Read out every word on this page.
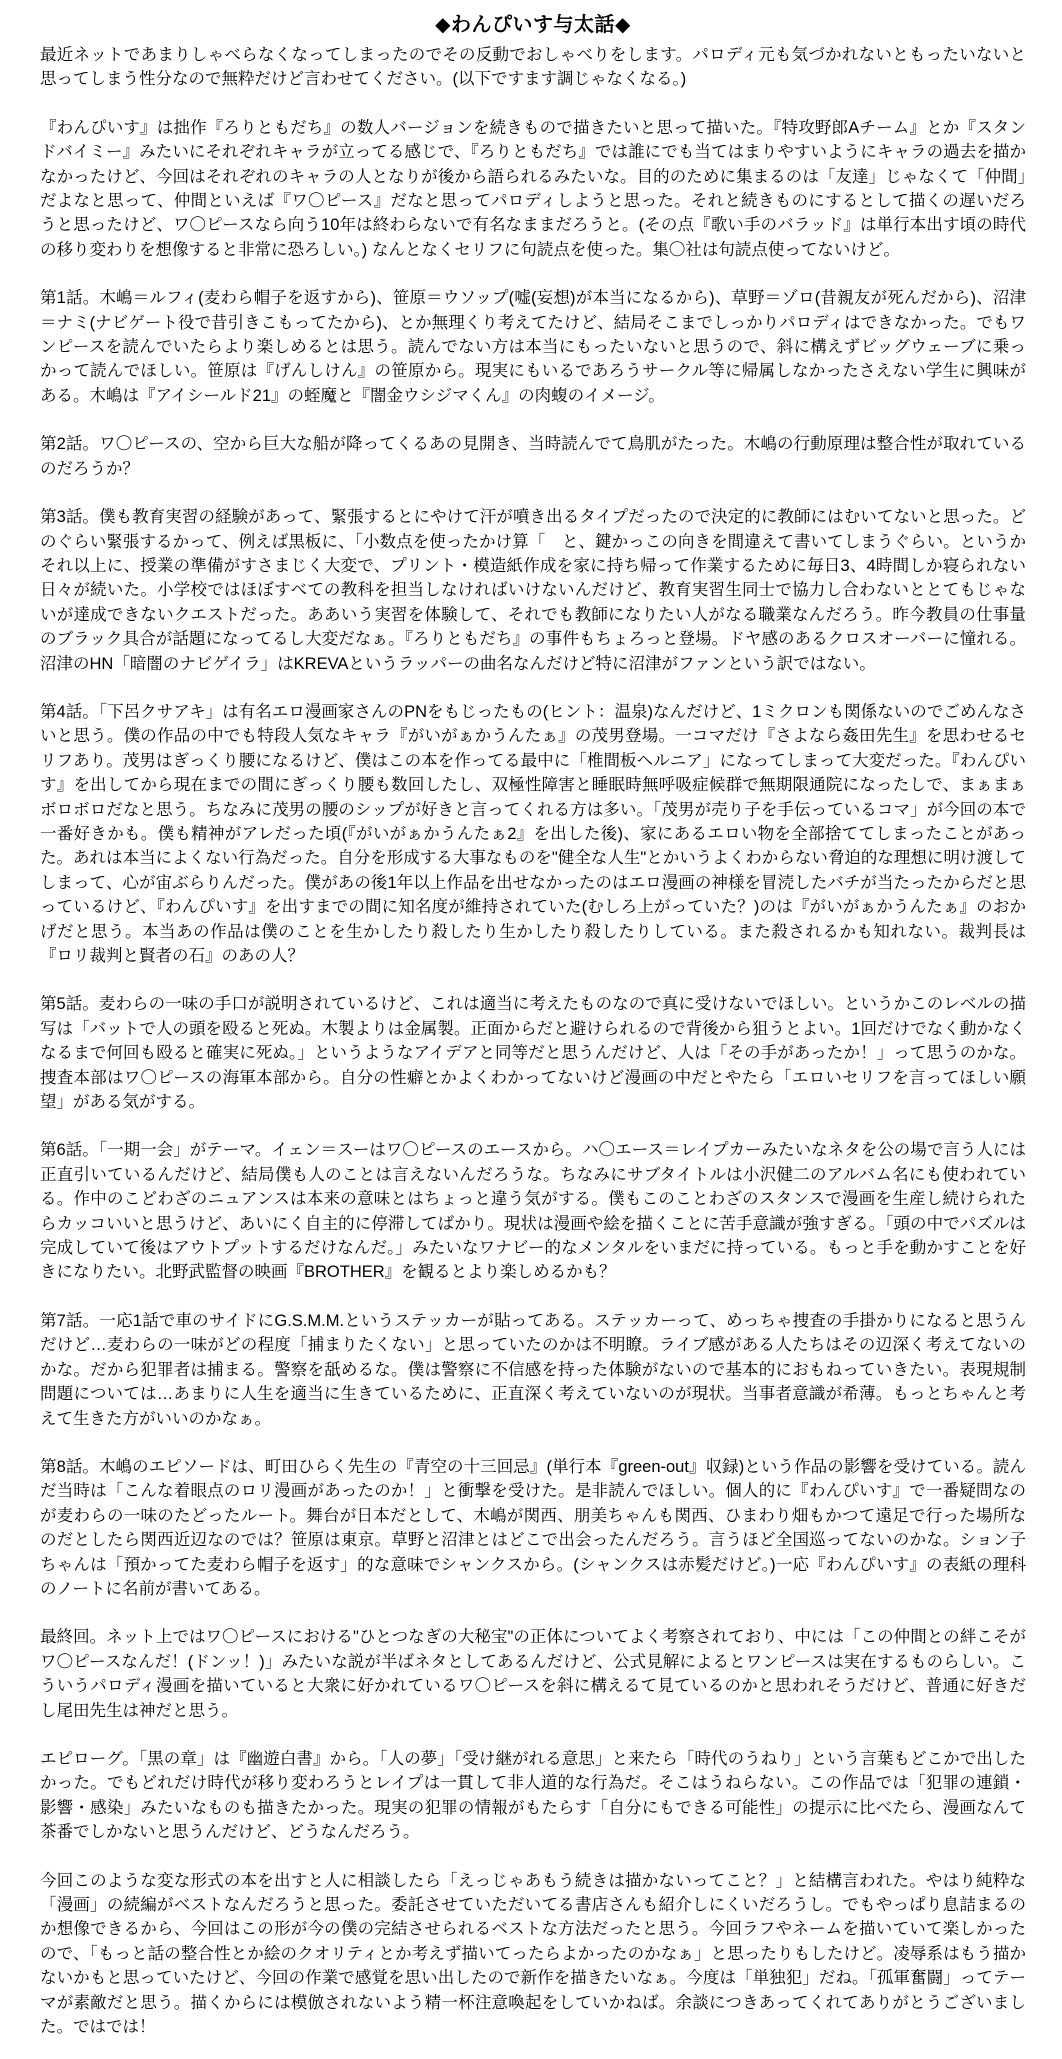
◆わんぴいす与太話◆

最近ネットであまりしゃべらなくなってしまったのでその反動でおしゃべりをします。パロディ元も気づかれないともったいないと思ってしまう性分なので無粋だけど言わせてください。(以下ですます調じゃなくなる。)

『わんぴいす』は拙作『ろりともだち』の数人バージョンを続きもので描きたいと思って描いた。『特攻野郎Aチーム』とか『スタンドバイミー』みたいにそれぞれキャラが立ってる感じで、『ろりともだち』では誰にでも当てはまりやすいようにキャラの過去を描かなかったけど、今回はそれぞれのキャラの人となりが後から語られるみたいな。目的のために集まるのは「友達」じゃなくて「仲間」だよなと思って、仲間といえば『ワ〇ピース』だなと思ってパロディしようと思った。それと続きものにするとして描くの遅いだろうと思ったけど、ワ〇ピースなら向う10年は終わらないで有名なままだろうと。(その点『歌い手のバラッド』は単行本出す頃の時代の移り変わりを想像すると非常に恐ろしい。) なんとなくセリフに句読点を使った。集〇社は句読点使ってないけど。

第1話。木嶋＝ルフィ(麦わら帽子を返すから)、笹原＝ウソップ(嘘(妄想)が本当になるから)、草野＝ゾロ(昔親友が死んだから)、沼津＝ナミ(ナビゲート役で昔引きこもってたから)、とか無理くり考えてたけど、結局そこまでしっかりパロディはできなかった。でもワンピースを読んでいたらより楽しめるとは思う。読んでない方は本当にもったいないと思うので、斜に構えずビッグウェーブに乗っかって読んでほしい。笹原は『げんしけん』の笹原から。現実にもいるであろうサークル等に帰属しなかったさえない学生に興味がある。木嶋は『アイシールド21』の蛭魔と『闇金ウシジマくん』の肉蝮のイメージ。

第2話。ワ〇ピースの、空から巨大な船が降ってくるあの見開き、当時読んでて鳥肌がたった。木嶋の行動原理は整合性が取れているのだろうか？

第3話。僕も教育実習の経験があって、緊張するとにやけて汗が噴き出るタイプだったので決定的に教師にはむいてないと思った。どのぐらい緊張するかって、例えば黒板に、「小数点を使ったかけ算「　と、鍵かっこの向きを間違えて書いてしまうぐらい。というかそれ以上に、授業の準備がすさまじく大変で、プリント・模造紙作成を家に持ち帰って作業するために毎日3、4時間しか寝られない日々が続いた。小学校ではほぼすべての教科を担当しなければいけないんだけど、教育実習生同士で協力し合わないととてもじゃないが達成できないクエストだった。ああいう実習を体験して、それでも教師になりたい人がなる職業なんだろう。昨今教員の仕事量のブラック具合が話題になってるし大変だなぁ。『ろりともだち』の事件もちょろっと登場。ドヤ感のあるクロスオーバーに憧れる。沼津のHN「暗闇のナビゲイラ」はKREVAというラッパーの曲名なんだけど特に沼津がファンという訳ではない。

第4話。「下呂クサアキ」は有名エロ漫画家さんのPNをもじったもの(ヒント：温泉)なんだけど、1ミクロンも関係ないのでごめんなさいと思う。僕の作品の中でも特段人気なキャラ『がいがぁかうんたぁ』の茂男登場。一コマだけ『さよなら姦田先生』を思わせるセリフあり。茂男はぎっくり腰になるけど、僕はこの本を作ってる最中に「椎間板ヘルニア」になってしまって大変だった。『わんぴいす』を出してから現在までの間にぎっくり腰も数回したし、双極性障害と睡眠時無呼吸症候群で無期限通院になったしで、まぁまぁボロボロだなと思う。ちなみに茂男の腰のシップが好きと言ってくれる方は多い。「茂男が売り子を手伝っているコマ」が今回の本で一番好きかも。僕も精神がアレだった頃(『がいがぁかうんたぁ2』を出した後)、家にあるエロい物を全部捨ててしまったことがあった。あれは本当によくない行為だった。自分を形成する大事なものを"健全な人生"とかいうよくわからない脅迫的な理想に明け渡してしまって、心が宙ぶらりんだった。僕があの後1年以上作品を出せなかったのはエロ漫画の神様を冒涜したバチが当たったからだと思っているけど、『わんぴいす』を出すまでの間に知名度が維持されていた(むしろ上がっていた？)のは『がいがぁかうんたぁ』のおかげだと思う。本当あの作品は僕のことを生かしたり殺したり生かしたり殺したりしている。また殺されるかも知れない。裁判長は『ロリ裁判と賢者の石』のあの人？

第5話。麦わらの一味の手口が説明されているけど、これは適当に考えたものなので真に受けないでほしい。というかこのレベルの描写は「バットで人の頭を殴ると死ぬ。木製よりは金属製。正面からだと避けられるので背後から狙うとよい。1回だけでなく動かなくなるまで何回も殴ると確実に死ぬ。」というようなアイデアと同等だと思うんだけど、人は「その手があったか！」って思うのかな。捜査本部はワ〇ピースの海軍本部から。自分の性癖とかよくわかってないけど漫画の中だとやたら「エロいセリフを言ってほしい願望」がある気がする。

第6話。「一期一会」がテーマ。イェン＝スーはワ〇ピースのエースから。ハ〇エース＝レイプカーみたいなネタを公の場で言う人には正直引いているんだけど、結局僕も人のことは言えないんだろうな。ちなみにサブタイトルは小沢健二のアルバム名にも使われている。作中のこどわざのニュアンスは本来の意味とはちょっと違う気がする。僕もこのことわざのスタンスで漫画を生産し続けられたらカッコいいと思うけど、あいにく自主的に停滞してばかり。現状は漫画や絵を描くことに苦手意識が強すぎる。「頭の中でパズルは完成していて後はアウトプットするだけなんだ。」みたいなワナビー的なメンタルをいまだに持っている。もっと手を動かすことを好きになりたい。北野武監督の映画『BROTHER』を観るとより楽しめるかも？

第7話。一応1話で車のサイドにG.S.M.M.というステッカーが貼ってある。ステッカーって、めっちゃ捜査の手掛かりになると思うんだけど…麦わらの一味がどの程度「捕まりたくない」と思っていたのかは不明瞭。ライブ感がある人たちはその辺深く考えてないのかな。だから犯罪者は捕まる。警察を舐めるな。僕は警察に不信感を持った体験がないので基本的におもねっていきたい。表現規制問題については…あまりに人生を適当に生きているために、正直深く考えていないのが現状。当事者意識が希薄。もっとちゃんと考えて生きた方がいいのかなぁ。

第8話。木嶋のエピソードは、町田ひらく先生の『青空の十三回忌』(単行本『green-out』収録)という作品の影響を受けている。読んだ当時は「こんな着眼点のロリ漫画があったのか！」と衝撃を受けた。是非読んでほしい。個人的に『わんぴいす』で一番疑問なのが麦わらの一味のたどったルート。舞台が日本だとして、木嶋が関西、朋美ちゃんも関西、ひまわり畑もかつて遠足で行った場所なのだとしたら関西近辺なのでは？笹原は東京。草野と沼津とはどこで出会ったんだろう。言うほど全国巡ってないのかな。ション子ちゃんは「預かってた麦わら帽子を返す」的な意味でシャンクスから。(シャンクスは赤髪だけど。)一応『わんぴいす』の表紙の理科のノートに名前が書いてある。

最終回。ネット上ではワ〇ピースにおける"ひとつなぎの大秘宝"の正体についてよく考察されており、中には「この仲間との絆こそがワ〇ピースなんだ！(ドンッ！)」みたいな説が半ばネタとしてあるんだけど、公式見解によるとワンピースは実在するものらしい。こういうパロディ漫画を描いていると大衆に好かれているワ〇ピースを斜に構えるて見ているのかと思われそうだけど、普通に好きだし尾田先生は神だと思う。

エピローグ。「黒の章」は『幽遊白書』から。「人の夢」「受け継がれる意思」と来たら「時代のうねり」という言葉もどこかで出したかった。でもどれだけ時代が移り変わろうとレイプは一貫して非人道的な行為だ。そこはうねらない。この作品では「犯罪の連鎖・影響・感染」みたいなものも描きたかった。現実の犯罪の情報がもたらす「自分にもできる可能性」の提示に比べたら、漫画なんて茶番でしかないと思うんだけど、どうなんだろう。

今回このような変な形式の本を出すと人に相談したら「えっじゃあもう続きは描かないってこと？」と結構言われた。やはり純粋な「漫画」の続編がベストなんだろうと思った。委託させていただいてる書店さんも紹介しにくいだろうし。でもやっぱり息詰まるのか想像できるから、今回はこの形が今の僕の完結させられるベストな方法だったと思う。今回ラフやネームを描いていて楽しかったので、「もっと話の整合性とか絵のクオリティとか考えず描いてったらよかったのかなぁ」と思ったりもしたけど。凌辱系はもう描かないかもと思っていたけど、今回の作業で感覚を思い出したので新作を描きたいなぁ。今度は「単独犯」だね。「孤軍奮闘」ってテーマが素敵だと思う。描くからには模倣されないよう精一杯注意喚起をしていかねば。余談につきあってくれてありがとうございました。ではでは！
